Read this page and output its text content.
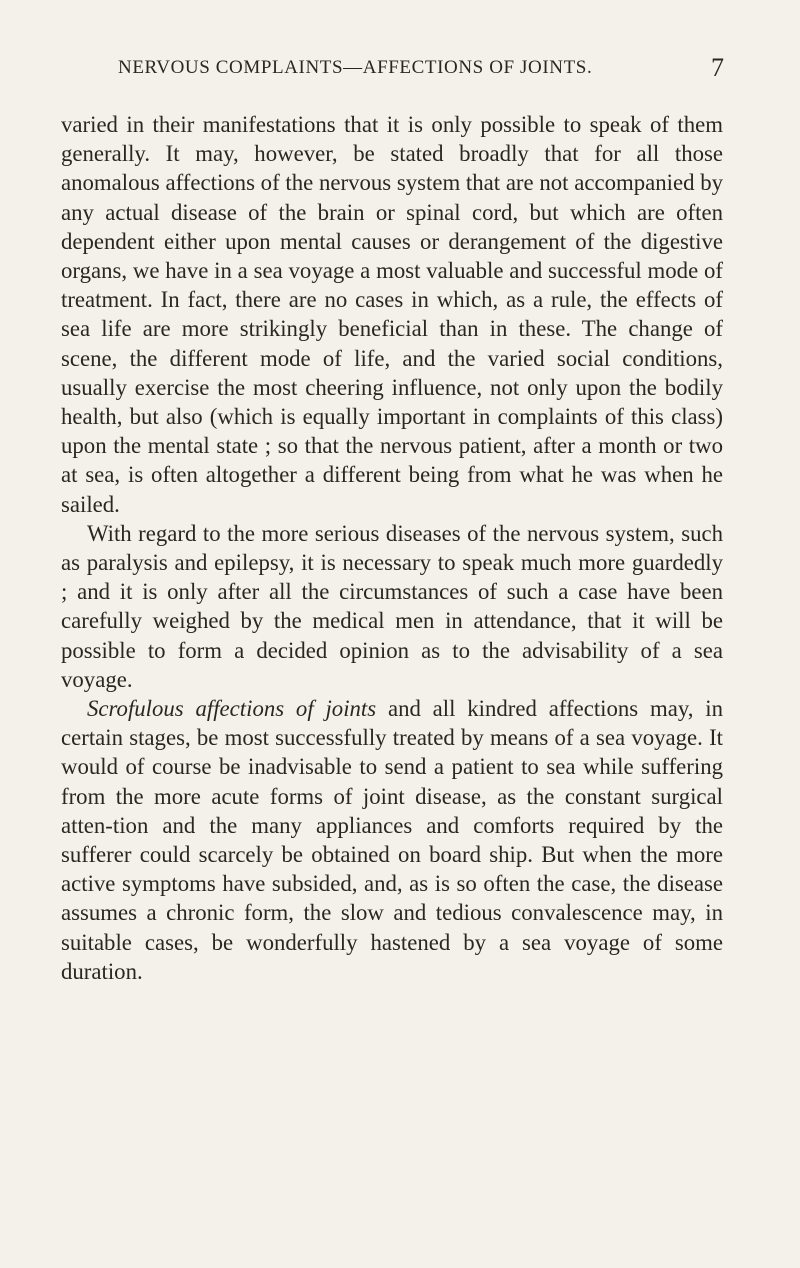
NERVOUS COMPLAINTS—AFFECTIONS OF JOINTS.	7

varied in their manifestations that it is only possible to speak of them generally. It may, however, be stated broadly that for all those anomalous affections of the nervous system that are not accompanied by any actual disease of the brain or spinal cord, but which are often dependent either upon mental causes or derangement of the digestive organs, we have in a sea voyage a most valuable and successful mode of treatment. In fact, there are no cases in which, as a rule, the effects of sea life are more strikingly beneficial than in these. The change of scene, the different mode of life, and the varied social conditions, usually exercise the most cheering influence, not only upon the bodily health, but also (which is equally important in complaints of this class) upon the mental state ; so that the nervous patient, after a month or two at sea, is often altogether a different being from what he was when he sailed.

With regard to the more serious diseases of the nervous system, such as paralysis and epilepsy, it is necessary to speak much more guardedly ; and it is only after all the circumstances of such a case have been carefully weighed by the medical men in attendance, that it will be possible to form a decided opinion as to the advisability of a sea voyage.

Scrofulous affections of joints and all kindred affections may, in certain stages, be most successfully treated by means of a sea voyage. It would of course be inadvisable to send a patient to sea while suffering from the more acute forms of joint disease, as the constant surgical atten-tion and the many appliances and comforts required by the sufferer could scarcely be obtained on board ship. But when the more active symptoms have subsided, and, as is so often the case, the disease assumes a chronic form, the slow and tedious convalescence may, in suitable cases, be wonderfully hastened by a sea voyage of some duration.
